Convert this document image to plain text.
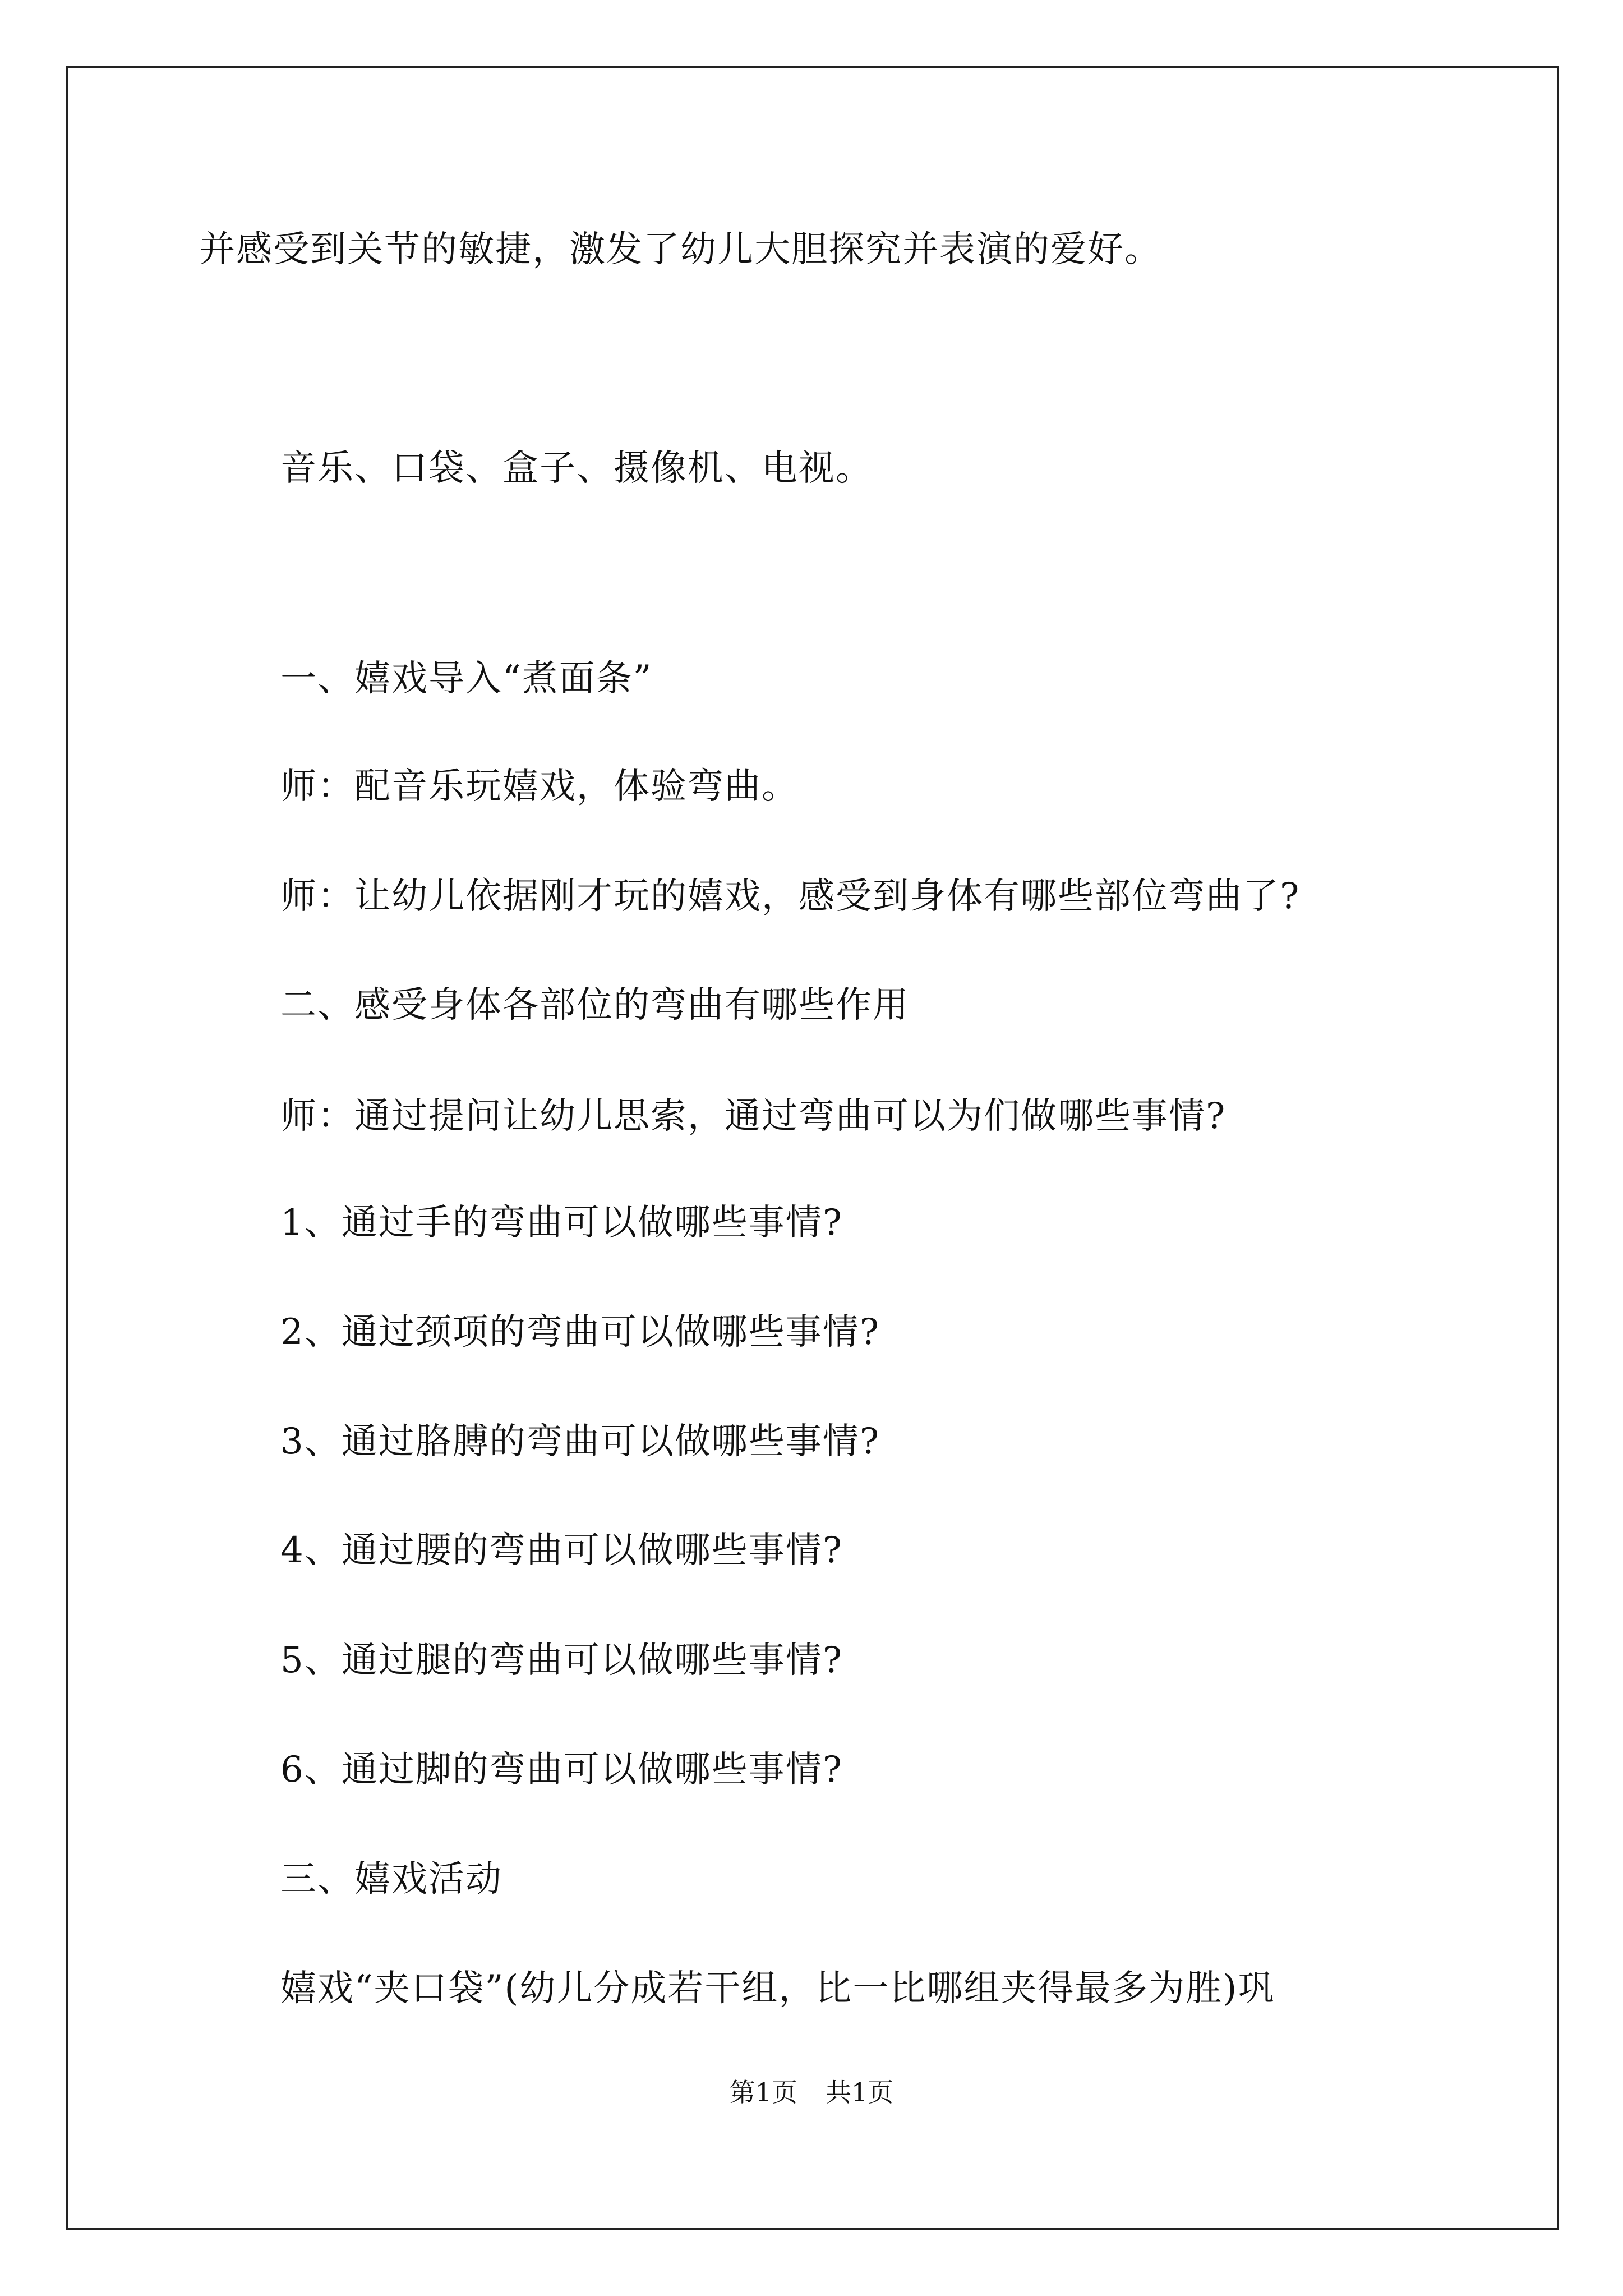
并感受到关节的敏捷，激发了幼儿大胆探究并表演的爱好。
音乐、口袋、盒子、摄像机、电视。
一、嬉戏导入“煮面条”
师：配音乐玩嬉戏，体验弯曲。
师：让幼儿依据刚才玩的嬉戏，感受到身体有哪些部位弯曲了?
二、感受身体各部位的弯曲有哪些作用
师：通过提问让幼儿思索，通过弯曲可以为们做哪些事情?
1、通过手的弯曲可以做哪些事情?
2、通过颈项的弯曲可以做哪些事情?
3、通过胳膊的弯曲可以做哪些事情?
4、通过腰的弯曲可以做哪些事情?
5、通过腿的弯曲可以做哪些事情?
6、通过脚的弯曲可以做哪些事情?
三、嬉戏活动
嬉戏“夹口袋”(幼儿分成若干组，比一比哪组夹得最多为胜)巩
第1页 共1页
